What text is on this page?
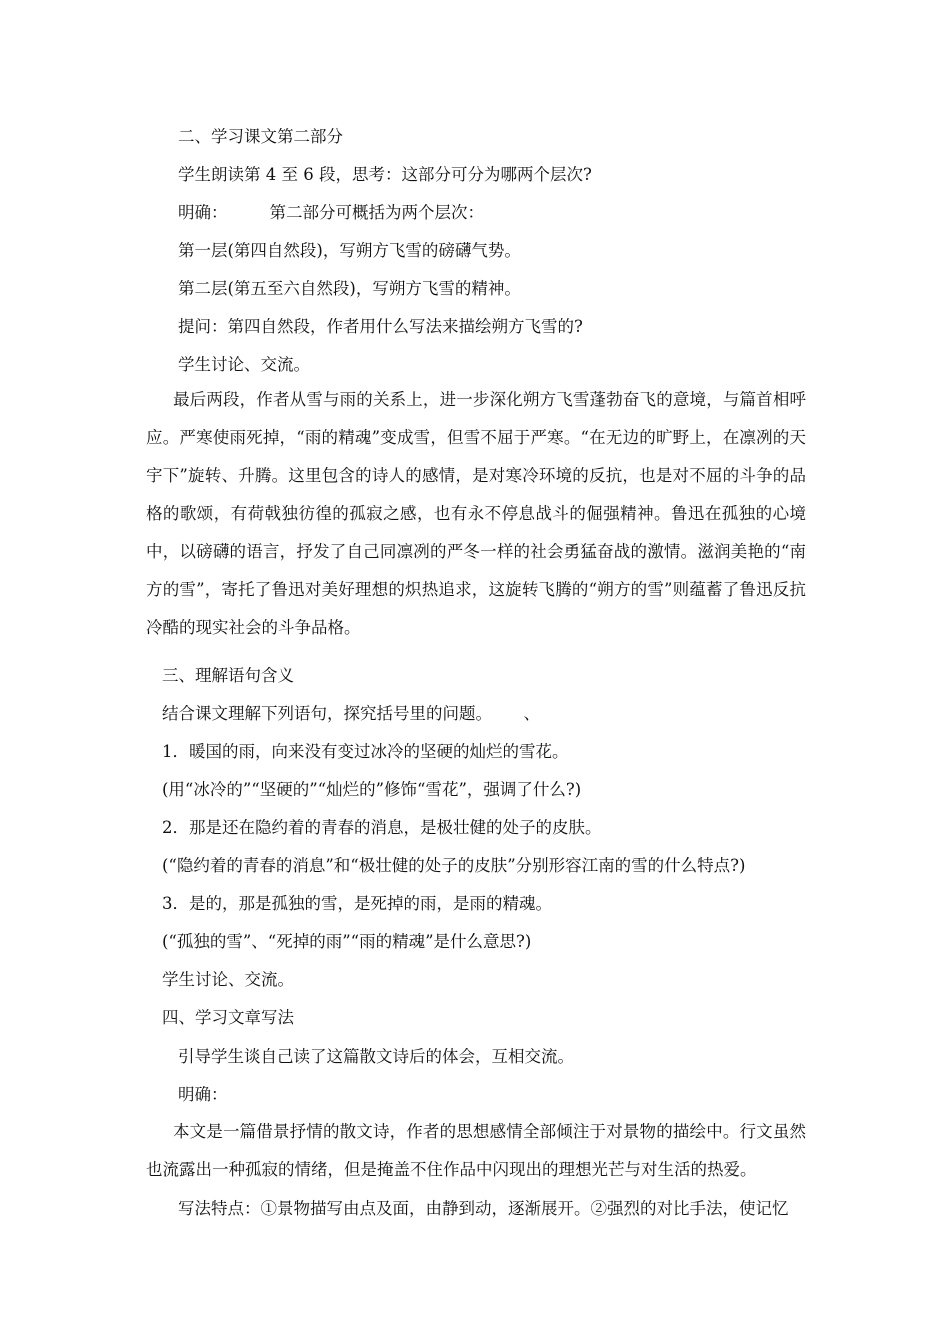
二、学习课文第二部分

学生朗读第 4 至 6 段，思考：这部分可分为哪两个层次?

明确：        第二部分可概括为两个层次：

第一层(第四自然段)，写朔方飞雪的磅礴气势。

第二层(第五至六自然段)，写朔方飞雪的精神。

提问：第四自然段，作者用什么写法来描绘朔方飞雪的?

学生讨论、交流。

最后两段，作者从雪与雨的关系上，进一步深化朔方飞雪蓬勃奋飞的意境，与篇首相呼应。严寒使雨死掉，“雨的精魂”变成雪，但雪不屈于严寒。“在无边的旷野上，在凛冽的天宇下”旋转、升腾。这里包含的诗人的感情，是对寒冷环境的反抗，也是对不屈的斗争的品格的歌颂，有荷戟独彷徨的孤寂之感，也有永不停息战斗的倔强精神。鲁迅在孤独的心境中，以磅礴的语言，抒发了自己同凛冽的严冬一样的社会勇猛奋战的激情。滋润美艳的“南方的雪”，寄托了鲁迅对美好理想的炽热追求，这旋转飞腾的“朔方的雪”则蕴蓄了鲁迅反抗冷酷的现实社会的斗争品格。

三、理解语句含义

结合课文理解下列语句，探究括号里的问题。      、

1．暖国的雨，向来没有变过冰冷的坚硬的灿烂的雪花。

(用“冰冷的”“坚硬的”“灿烂的”修饰“雪花”，强调了什么?)

2．那是还在隐约着的青春的消息，是极壮健的处子的皮肤。

(“隐约着的青春的消息”和“极壮健的处子的皮肤”分别形容江南的雪的什么特点?)

3．是的，那是孤独的雪，是死掉的雨，是雨的精魂。

(“孤独的雪”、“死掉的雨”“雨的精魂”是什么意思?)

学生讨论、交流。

四、学习文章写法

引导学生谈自己读了这篇散文诗后的体会，互相交流。

明确：

本文是一篇借景抒情的散文诗，作者的思想感情全部倾注于对景物的描绘中。行文虽然也流露出一种孤寂的情绪，但是掩盖不住作品中闪现出的理想光芒与对生活的热爱。

写法特点：①景物描写由点及面，由静到动，逐渐展开。②强烈的对比手法，使记忆
